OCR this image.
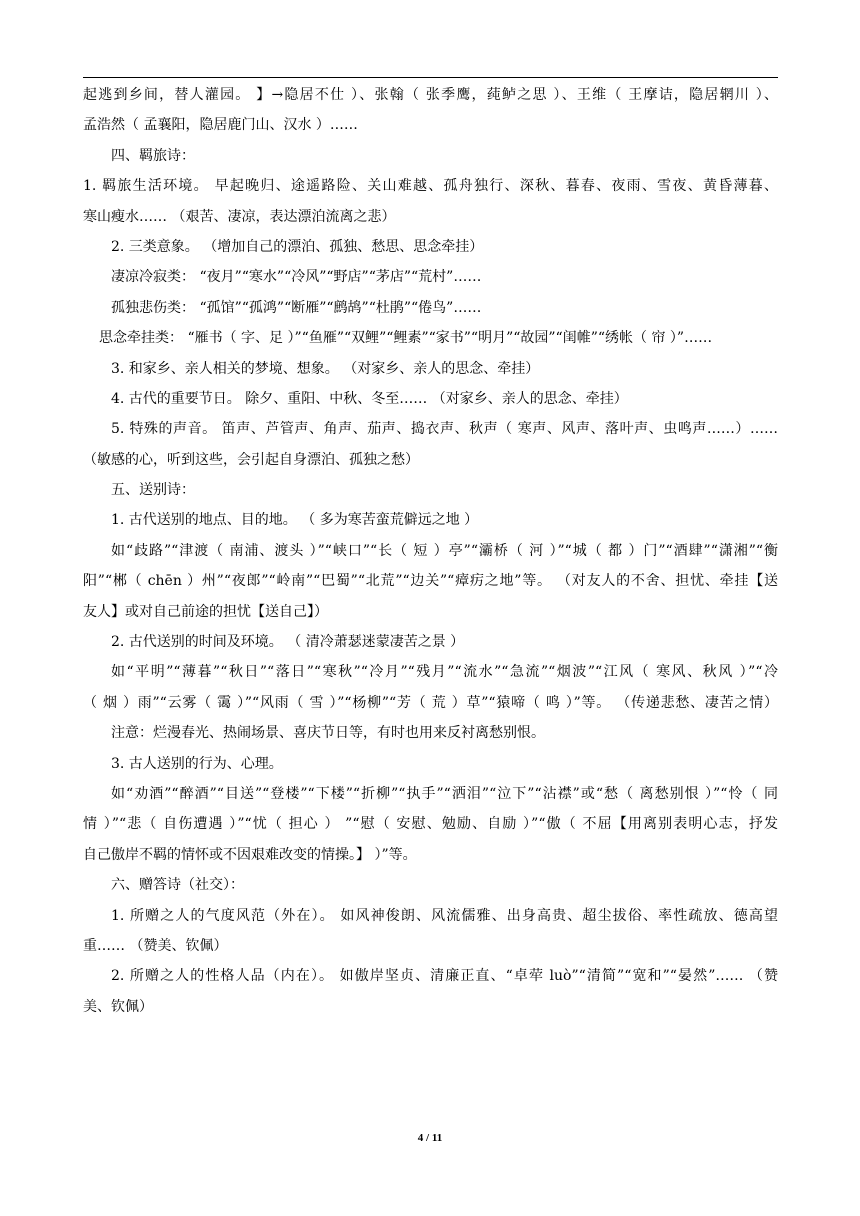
起逃到乡间，替人灌园。 】→隐居不仕 ）、张翰（ 张季鹰，莼鲈之思 ）、王维（ 王摩诘，隐居辋川 ）、
孟浩然（ 孟襄阳，隐居鹿门山、汉水 ）……
四、羁旅诗：
1. 羁旅生活环境。 早起晚归、途遥路险、关山难越、孤舟独行、深秋、暮春、夜雨、雪夜、黄昏薄暮、
寒山瘦水…… （艰苦、凄凉，表达漂泊流离之悲）
2. 三类意象。 （增加自己的漂泊、孤独、愁思、思念牵挂）
凄凉冷寂类： “夜月”“寒水”“冷风”“野店”“茅店”“荒村”……
孤独悲伤类： “孤馆”“孤鸿”“断雁”“鹧鸪”“杜鹃”“倦鸟”……
思念牵挂类： “雁书（ 字、足 ）”“鱼雁”“双鲤”“鲤素”“家书”“明月”“故园”“闺帷”“绣帐（ 帘 ）”……
3. 和家乡、亲人相关的梦境、想象。 （对家乡、亲人的思念、牵挂）
4. 古代的重要节日。 除夕、重阳、中秋、冬至…… （对家乡、亲人的思念、牵挂）
5. 特殊的声音。 笛声、芦管声、角声、茄声、捣衣声、秋声（ 寒声、风声、落叶声、虫鸣声……）……
（敏感的心，听到这些，会引起自身漂泊、孤独之愁）
五、送别诗：
1. 古代送别的地点、目的地。 （ 多为寒苦蛮荒僻远之地 ）
如“歧路”“津渡（ 南浦、渡头 ）”“峡口”“长（ 短 ）亭”“灞桥（ 河 ）”“城（ 都 ）门”“酒肆”“潇湘”“衡
阳”“郴（ chēn ）州”“夜郎”“岭南”“巴蜀”“北荒”“边关”“瘴疠之地”等。 （对友人的不舍、担忧、牵挂【送
友人】或对自己前途的担忧【送自己】）
2. 古代送别的时间及环境。 （ 清冷萧瑟迷蒙凄苦之景 ）
如“平明”“薄暮”“秋日”“落日”“寒秋”“冷月”“残月”“流水”“急流”“烟波”“江风（ 寒风、秋风 ）”“冷
（ 烟 ）雨”“云雾（ 霭 ）”“风雨（ 雪 ）”“杨柳”“芳（ 荒 ）草”“猿啼（ 鸣 ）”等。 （传递悲愁、凄苦之情）
注意：烂漫春光、热闹场景、喜庆节日等，有时也用来反衬离愁别恨。
3. 古人送别的行为、心理。
如“劝酒”“醉酒”“目送”“登楼”“下楼”“折柳”“执手”“洒泪”“泣下”“沾襟”或“愁（ 离愁别恨 ）”“怜（ 同
情 ）”“悲（ 自伤遭遇 ）”“忧（ 担心 ） ”“慰（ 安慰、勉励、自励 ）”“傲（ 不屈【用离别表明心志，抒发
自己傲岸不羁的情怀或不因艰难改变的情操。】 ）”等。
六、赠答诗（社交）：
1. 所赠之人的气度风范（外在）。 如风神俊朗、风流儒雅、出身高贵、超尘拔俗、率性疏放、德高望
重…… （赞美、钦佩）
2. 所赠之人的性格人品（内在）。 如傲岸坚贞、清廉正直、“卓荦 luò”“清简”“宽和”“晏然”…… （赞
美、钦佩）
4 / 11
